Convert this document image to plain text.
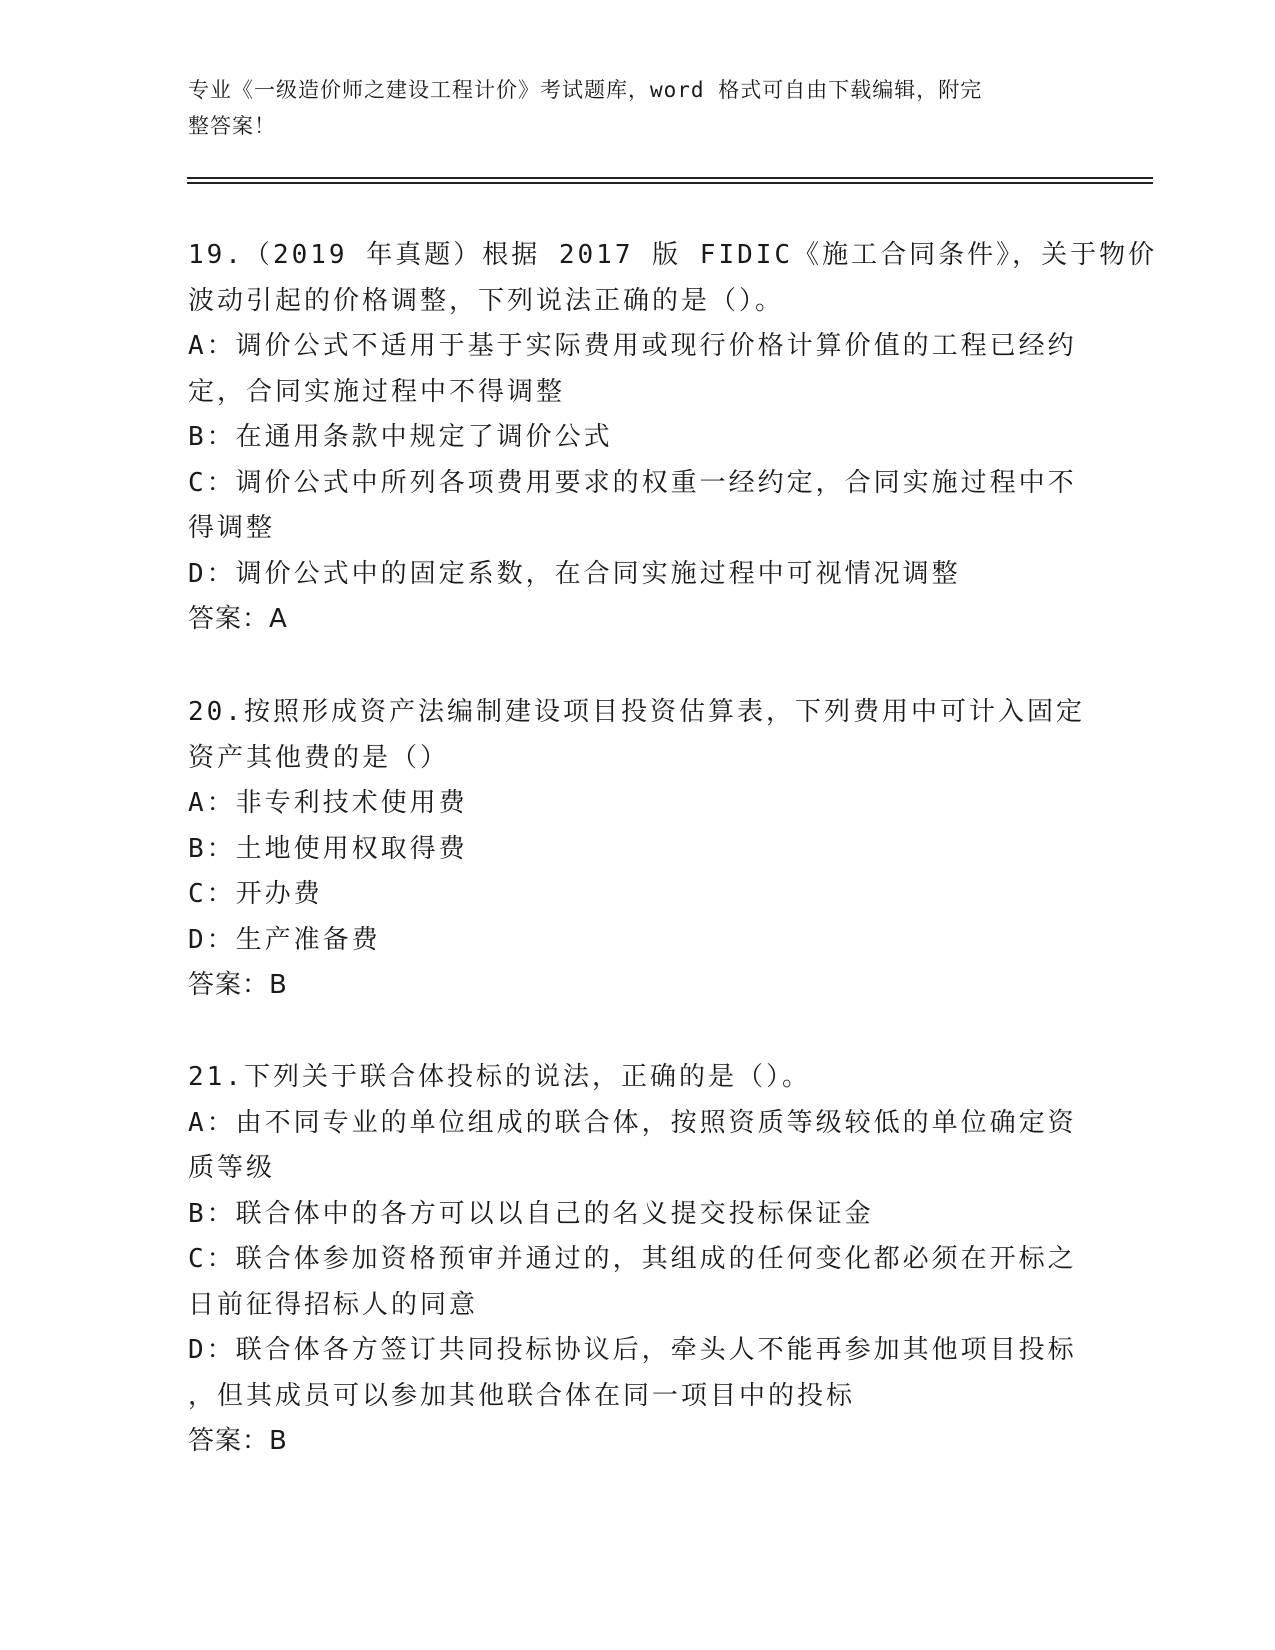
专业《一级造价师之建设工程计价》考试题库，word 格式可自由下载编辑，附完
整答案！
19.（2019 年真题）根据 2017 版 FIDIC《施工合同条件》，关于物价
波动引起的价格调整，下列说法正确的是（）。
A：调价公式不适用于基于实际费用或现行价格计算价值的工程已经约
定，合同实施过程中不得调整
B：在通用条款中规定了调价公式
C：调价公式中所列各项费用要求的权重一经约定，合同实施过程中不
得调整
D：调价公式中的固定系数，在合同实施过程中可视情况调整
答案：A
20.按照形成资产法编制建设项目投资估算表，下列费用中可计入固定
资产其他费的是（）
A：非专利技术使用费
B：土地使用权取得费
C：开办费
D：生产准备费
答案：B
21.下列关于联合体投标的说法，正确的是（）。
A：由不同专业的单位组成的联合体，按照资质等级较低的单位确定资
质等级
B：联合体中的各方可以以自己的名义提交投标保证金
C：联合体参加资格预审并通过的，其组成的任何变化都必须在开标之
日前征得招标人的同意
D：联合体各方签订共同投标协议后，牵头人不能再参加其他项目投标
，但其成员可以参加其他联合体在同一项目中的投标
答案：B
